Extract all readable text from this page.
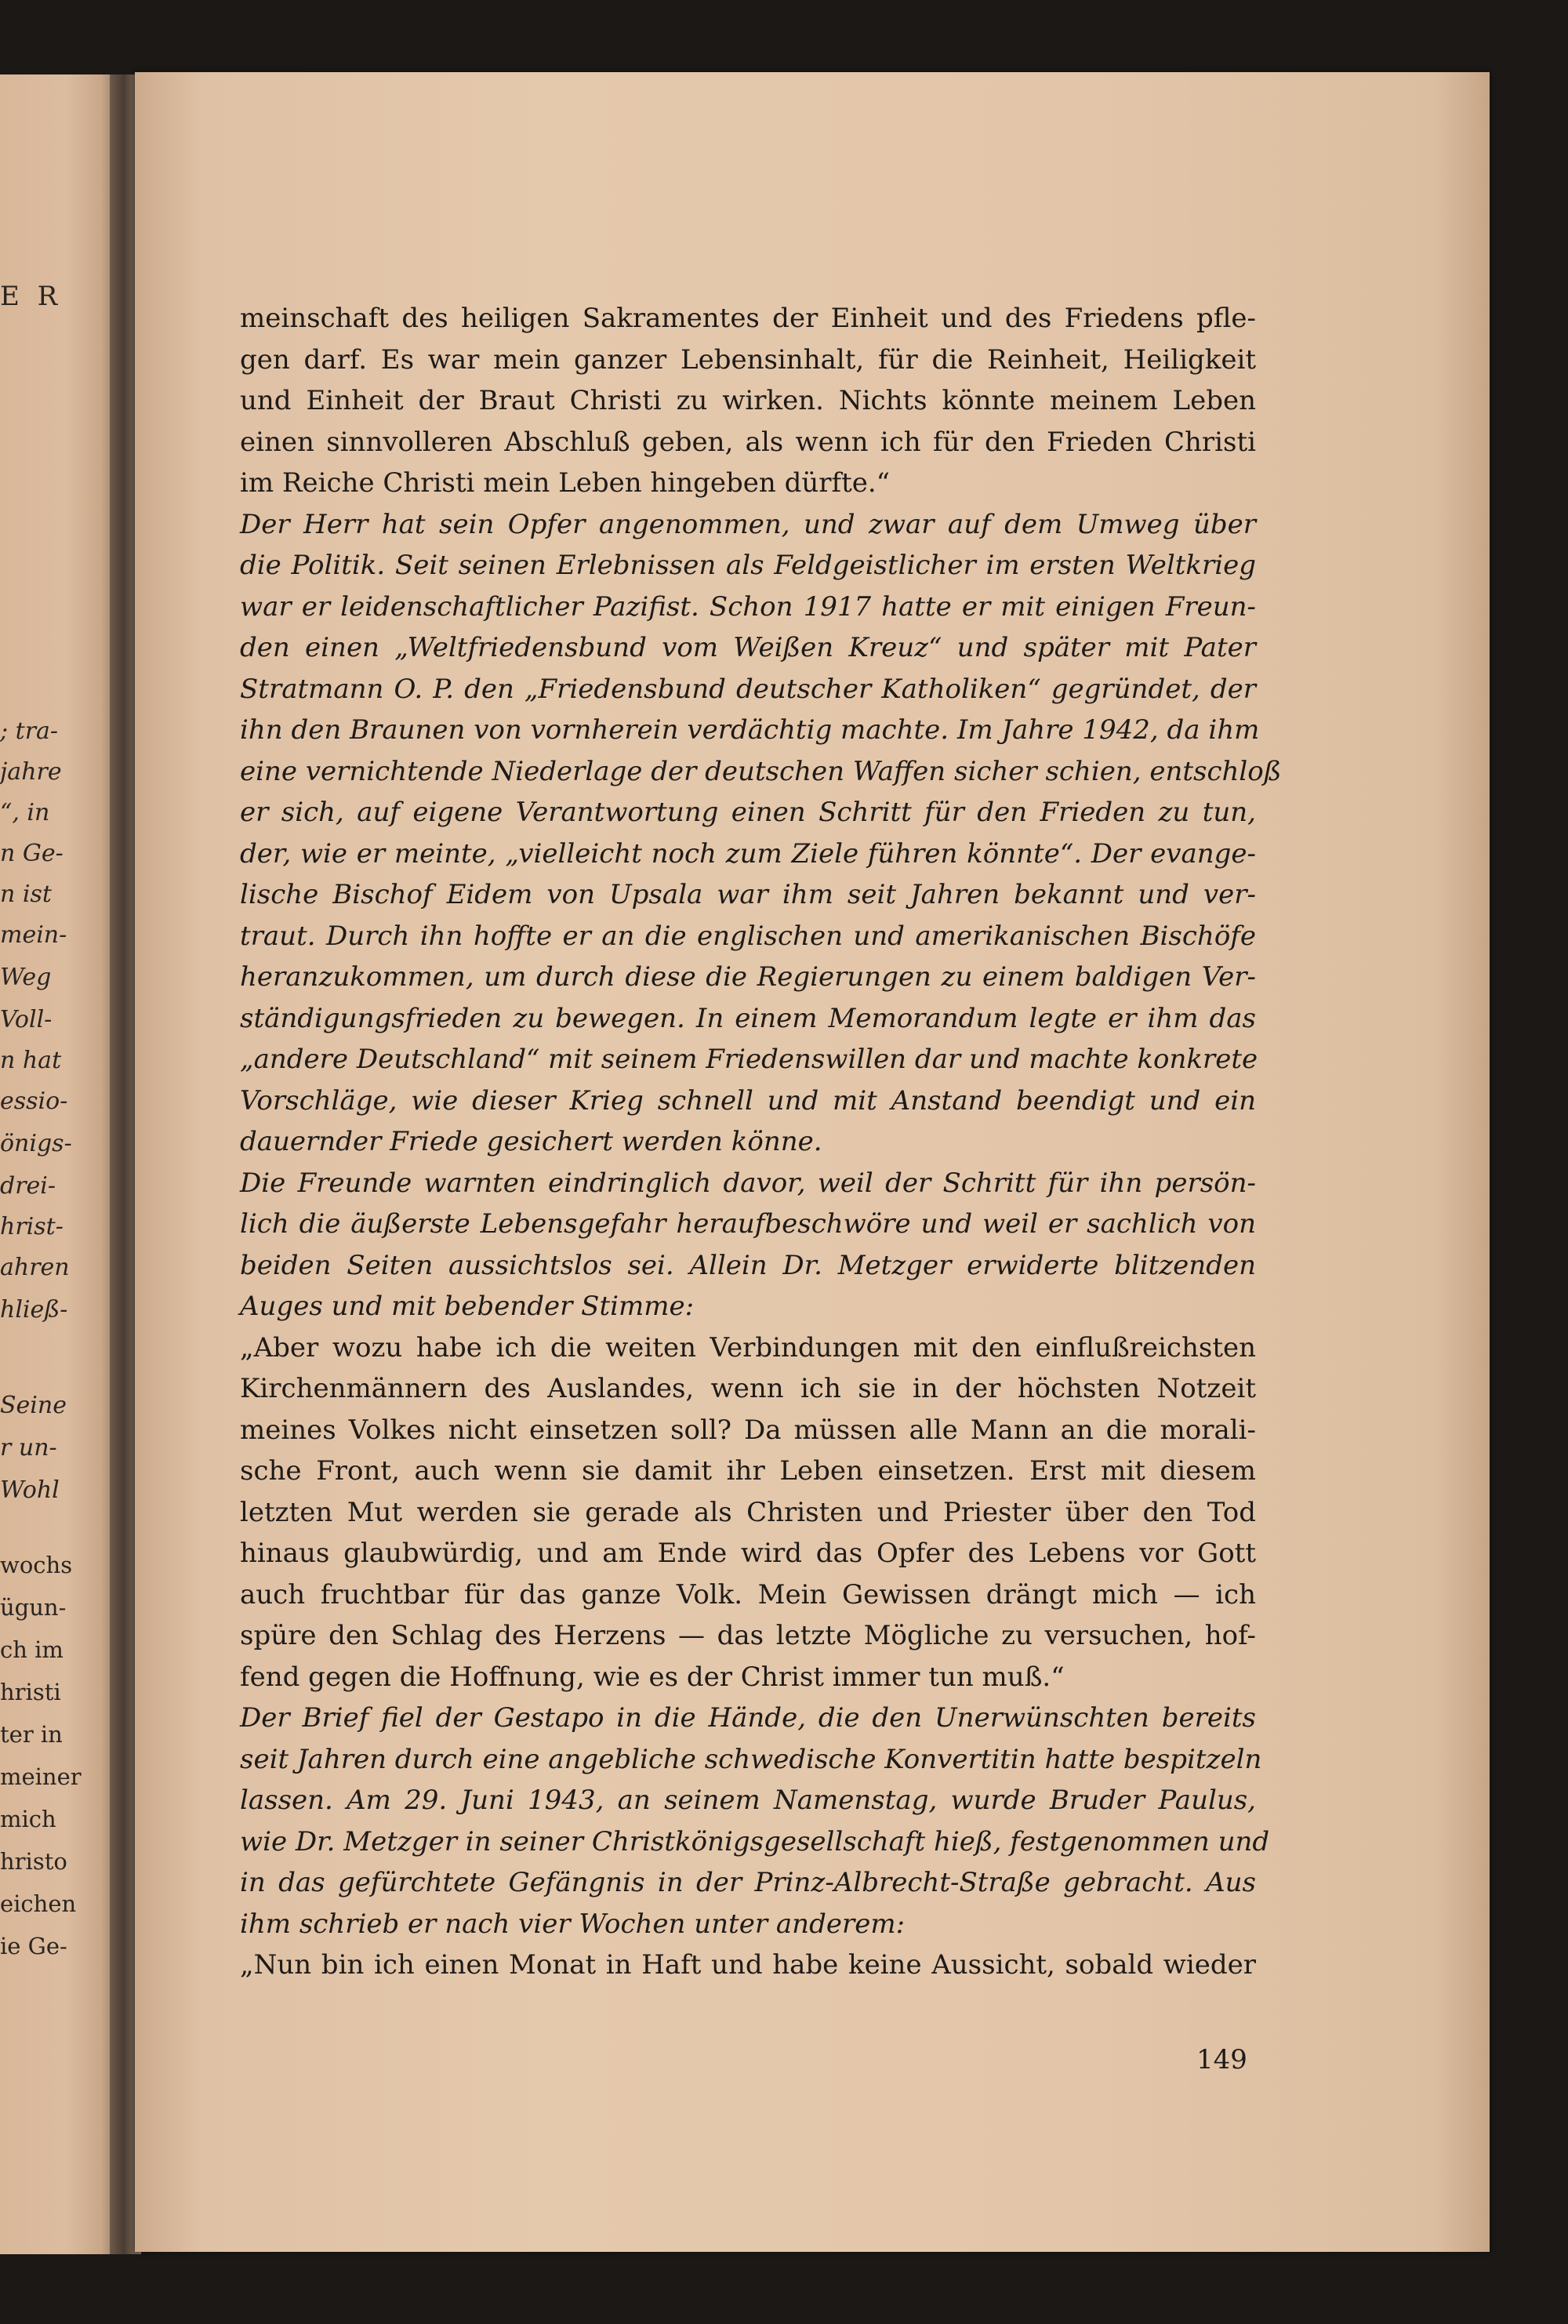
E R
; tra-
jahre
“, in
n Ge-
n ist
mein-
Weg
Voll-
n hat
essio-
önigs-
drei-
hrist-
ahren
hließ-
Seine
r un-
Wohl
wochs
ügun-
ch im
hristi
ter in
meiner
mich
hristo
eichen
ie Ge-
meinschaft des heiligen Sakramentes der Einheit und des Friedens pfle-
gen darf. Es war mein ganzer Lebensinhalt, für die Reinheit, Heiligkeit
und Einheit der Braut Christi zu wirken. Nichts könnte meinem Leben
einen sinnvolleren Abschluß geben, als wenn ich für den Frieden Christi
im Reiche Christi mein Leben hingeben dürfte.“
Der Herr hat sein Opfer angenommen, und zwar auf dem Umweg über
die Politik. Seit seinen Erlebnissen als Feldgeistlicher im ersten Weltkrieg
war er leidenschaftlicher Pazifist. Schon 1917 hatte er mit einigen Freun-
den einen „Weltfriedensbund vom Weißen Kreuz“ und später mit Pater
Stratmann O. P. den „Friedensbund deutscher Katholiken“ gegründet, der
ihn den Braunen von vornherein verdächtig machte. Im Jahre 1942, da ihm
eine vernichtende Niederlage der deutschen Waffen sicher schien, entschloß
er sich, auf eigene Verantwortung einen Schritt für den Frieden zu tun,
der, wie er meinte, „vielleicht noch zum Ziele führen könnte“. Der evange-
lische Bischof Eidem von Upsala war ihm seit Jahren bekannt und ver-
traut. Durch ihn hoffte er an die englischen und amerikanischen Bischöfe
heranzukommen, um durch diese die Regierungen zu einem baldigen Ver-
ständigungsfrieden zu bewegen. In einem Memorandum legte er ihm das
„andere Deutschland“ mit seinem Friedenswillen dar und machte konkrete
Vorschläge, wie dieser Krieg schnell und mit Anstand beendigt und ein
dauernder Friede gesichert werden könne.
Die Freunde warnten eindringlich davor, weil der Schritt für ihn persön-
lich die äußerste Lebensgefahr heraufbeschwöre und weil er sachlich von
beiden Seiten aussichtslos sei. Allein Dr. Metzger erwiderte blitzenden
Auges und mit bebender Stimme:
„Aber wozu habe ich die weiten Verbindungen mit den einflußreichsten
Kirchenmännern des Auslandes, wenn ich sie in der höchsten Notzeit
meines Volkes nicht einsetzen soll? Da müssen alle Mann an die morali-
sche Front, auch wenn sie damit ihr Leben einsetzen. Erst mit diesem
letzten Mut werden sie gerade als Christen und Priester über den Tod
hinaus glaubwürdig, und am Ende wird das Opfer des Lebens vor Gott
auch fruchtbar für das ganze Volk. Mein Gewissen drängt mich — ich
spüre den Schlag des Herzens — das letzte Mögliche zu versuchen, hof-
fend gegen die Hoffnung, wie es der Christ immer tun muß.“
Der Brief fiel der Gestapo in die Hände, die den Unerwünschten bereits
seit Jahren durch eine angebliche schwedische Konvertitin hatte bespitzeln
lassen. Am 29. Juni 1943, an seinem Namenstag, wurde Bruder Paulus,
wie Dr. Metzger in seiner Christkönigsgesellschaft hieß, festgenommen und
in das gefürchtete Gefängnis in der Prinz-Albrecht-Straße gebracht. Aus
ihm schrieb er nach vier Wochen unter anderem:
„Nun bin ich einen Monat in Haft und habe keine Aussicht, sobald wieder
149
